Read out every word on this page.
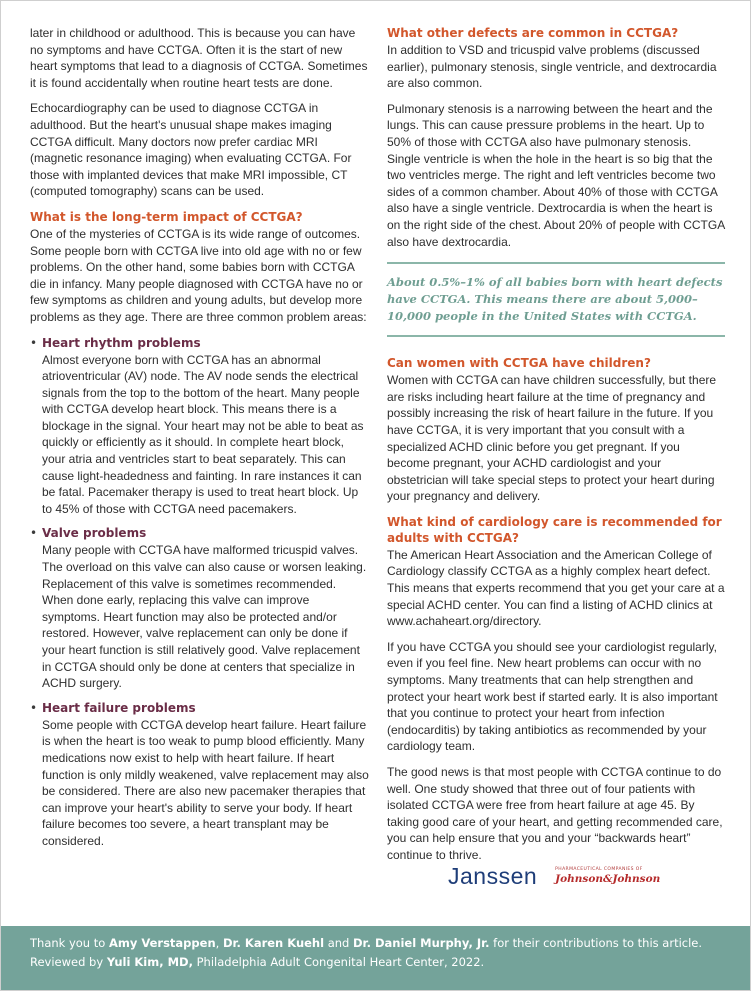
later in childhood or adulthood. This is because you can have no symptoms and have CCTGA. Often it is the start of new heart symptoms that lead to a diagnosis of CCTGA. Sometimes it is found accidentally when routine heart tests are done.

Echocardiography can be used to diagnose CCTGA in adulthood. But the heart's unusual shape makes imaging CCTGA difficult. Many doctors now prefer cardiac MRI (magnetic resonance imaging) when evaluating CCTGA. For those with implanted devices that make MRI impossible, CT (computed tomography) scans can be used.

What is the long-term impact of CCTGA?

One of the mysteries of CCTGA is its wide range of outcomes. Some people born with CCTGA live into old age with no or few problems. On the other hand, some babies born with CCTGA die in infancy. Many people diagnosed with CCTGA have no or few symptoms as children and young adults, but develop more problems as they age. There are three common problem areas:

• Heart rhythm problems

Almost everyone born with CCTGA has an abnormal atrioventricular (AV) node. The AV node sends the electrical signals from the top to the bottom of the heart. Many people with CCTGA develop heart block. This means there is a blockage in the signal. Your heart may not be able to beat as quickly or efficiently as it should. In complete heart block, your atria and ventricles start to beat separately. This can cause light-headedness and fainting. In rare instances it can be fatal. Pacemaker therapy is used to treat heart block. Up to 45% of those with CCTGA need pacemakers.

• Valve problems

Many people with CCTGA have malformed tricuspid valves. The overload on this valve can also cause or worsen leaking. Replacement of this valve is sometimes recommended. When done early, replacing this valve can improve symptoms. Heart function may also be protected and/or restored. However, valve replacement can only be done if your heart function is still relatively good. Valve replacement in CCTGA should only be done at centers that specialize in ACHD surgery.

• Heart failure problems

Some people with CCTGA develop heart failure. Heart failure is when the heart is too weak to pump blood efficiently. Many medications now exist to help with heart failure. If heart function is only mildly weakened, valve replacement may also be considered. There are also new pacemaker therapies that can improve your heart's ability to serve your body. If heart failure becomes too severe, a heart transplant may be considered.

What other defects are common in CCTGA?

In addition to VSD and tricuspid valve problems (discussed earlier), pulmonary stenosis, single ventricle, and dextrocardia are also common.

Pulmonary stenosis is a narrowing between the heart and the lungs. This can cause pressure problems in the heart. Up to 50% of those with CCTGA also have pulmonary stenosis. Single ventricle is when the hole in the heart is so big that the two ventricles merge. The right and left ventricles become two sides of a common chamber. About 40% of those with CCTGA also have a single ventricle. Dextrocardia is when the heart is on the right side of the chest. About 20% of people with CCTGA also have dextrocardia.

About 0.5%–1% of all babies born with heart defects have CCTGA. This means there are about 5,000–10,000 people in the United States with CCTGA.

Can women with CCTGA have children?

Women with CCTGA can have children successfully, but there are risks including heart failure at the time of pregnancy and possibly increasing the risk of heart failure in the future. If you have CCTGA, it is very important that you consult with a specialized ACHD clinic before you get pregnant. If you become pregnant, your ACHD cardiologist and your obstetrician will take special steps to protect your heart during your pregnancy and delivery.

What kind of cardiology care is recommended for adults with CCTGA?

The American Heart Association and the American College of Cardiology classify CCTGA as a highly complex heart defect. This means that experts recommend that you get your care at a special ACHD center. You can find a listing of ACHD clinics at www.achaheart.org/directory.

If you have CCTGA you should see your cardiologist regularly, even if you feel fine. New heart problems can occur with no symptoms. Many treatments that can help strengthen and protect your heart work best if started early. It is also important that you continue to protect your heart from infection (endocarditis) by taking antibiotics as recommended by your cardiology team.

The good news is that most people with CCTGA continue to do well. One study showed that three out of four patients with isolated CCTGA were free from heart failure at age 45. By taking good care of your heart, and getting recommended care, you can help ensure that you and your “backwards heart” continue to thrive.

Janssen	PHARMACEUTICAL COMPANIES OF
Johnson&Johnson

Thank you to Amy Verstappen, Dr. Karen Kuehl and Dr. Daniel Murphy, Jr. for their contributions to this article.

Reviewed by Yuli Kim, MD, Philadelphia Adult Congenital Heart Center, 2022.
